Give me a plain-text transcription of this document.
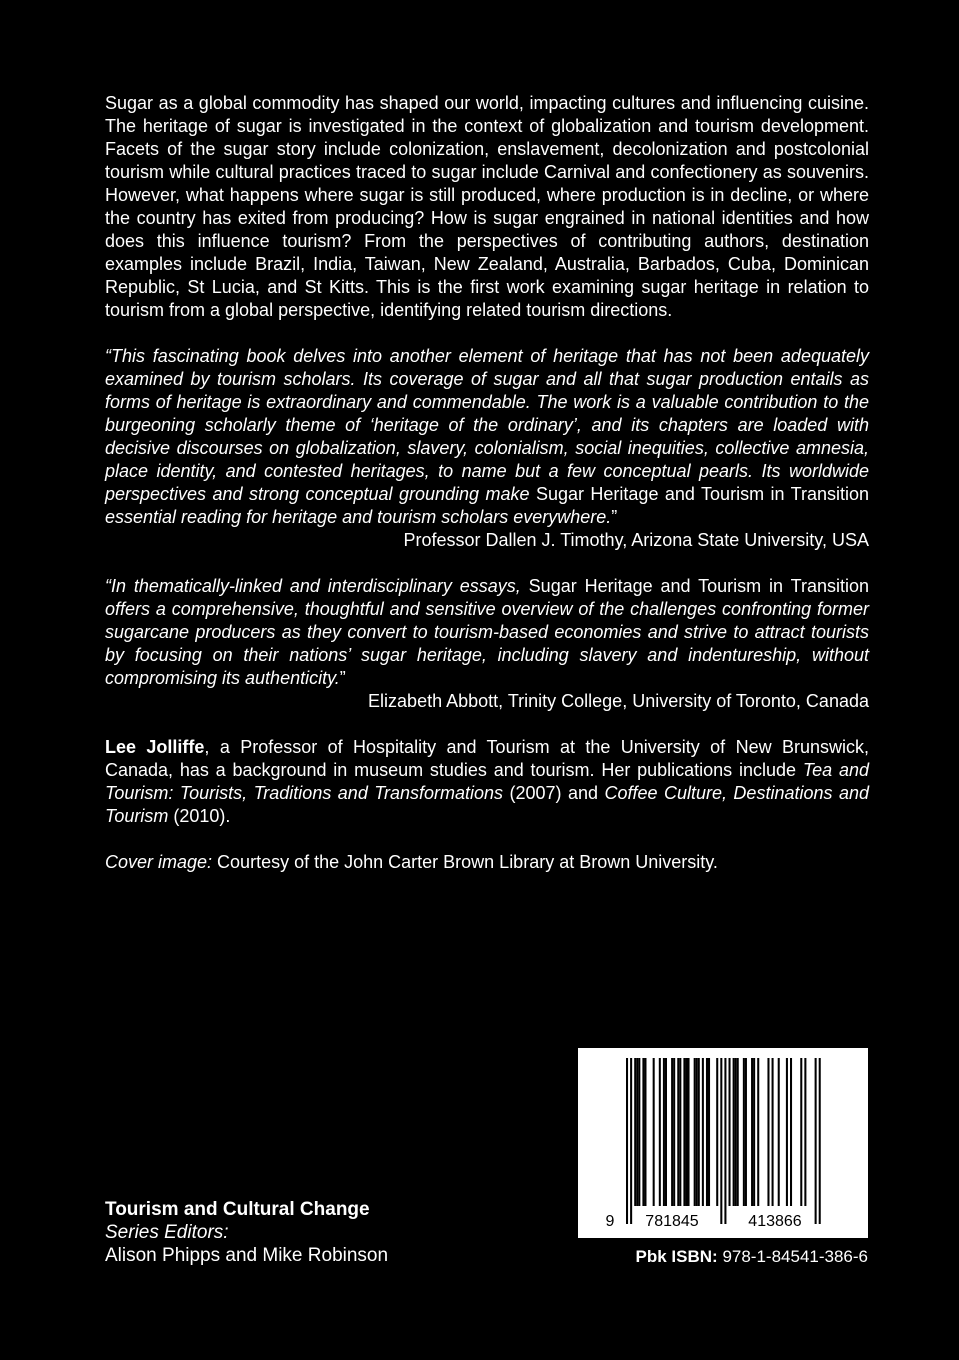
Sugar as a global commodity has shaped our world, impacting cultures and influencing cuisine. The heritage of sugar is investigated in the context of globalization and tourism development. Facets of the sugar story include colonization, enslavement, decolonization and postcolonial tourism while cultural practices traced to sugar include Carnival and confectionery as souvenirs. However, what happens where sugar is still produced, where production is in decline, or where the country has exited from producing? How is sugar engrained in national identities and how does this influence tourism? From the perspectives of contributing authors, destination examples include Brazil, India, Taiwan, New Zealand, Australia, Barbados, Cuba, Dominican Republic, St Lucia, and St Kitts. This is the first work examining sugar heritage in relation to tourism from a global perspective, identifying related tourism directions.

“This fascinating book delves into another element of heritage that has not been adequately examined by tourism scholars. Its coverage of sugar and all that sugar production entails as forms of heritage is extraordinary and commendable. The work is a valuable contribution to the burgeoning scholarly theme of ‘heritage of the ordinary’, and its chapters are loaded with decisive discourses on globalization, slavery, colonialism, social inequities, collective amnesia, place identity, and contested heritages, to name but a few conceptual pearls. Its worldwide perspectives and strong conceptual grounding make Sugar Heritage and Tourism in Transition essential reading for heritage and tourism scholars everywhere.”

Professor Dallen J. Timothy, Arizona State University, USA

“In thematically-linked and interdisciplinary essays, Sugar Heritage and Tourism in Transition offers a comprehensive, thoughtful and sensitive overview of the challenges confronting former sugarcane producers as they convert to tourism-based economies and strive to attract tourists by focusing on their nations’ sugar heritage, including slavery and indentureship, without compromising its authenticity.”

Elizabeth Abbott, Trinity College, University of Toronto, Canada

Lee Jolliffe, a Professor of Hospitality and Tourism at the University of New Brunswick, Canada, has a background in museum studies and tourism. Her publications include Tea and Tourism: Tourists, Traditions and Transformations (2007) and Coffee Culture, Destinations and Tourism (2010).

Cover image: Courtesy of the John Carter Brown Library at Brown University.

Tourism and Cultural Change
Series Editors:
Alison Phipps and Mike Robinson
9 781845	413866
Pbk ISBN: 978-1-84541-386-6
